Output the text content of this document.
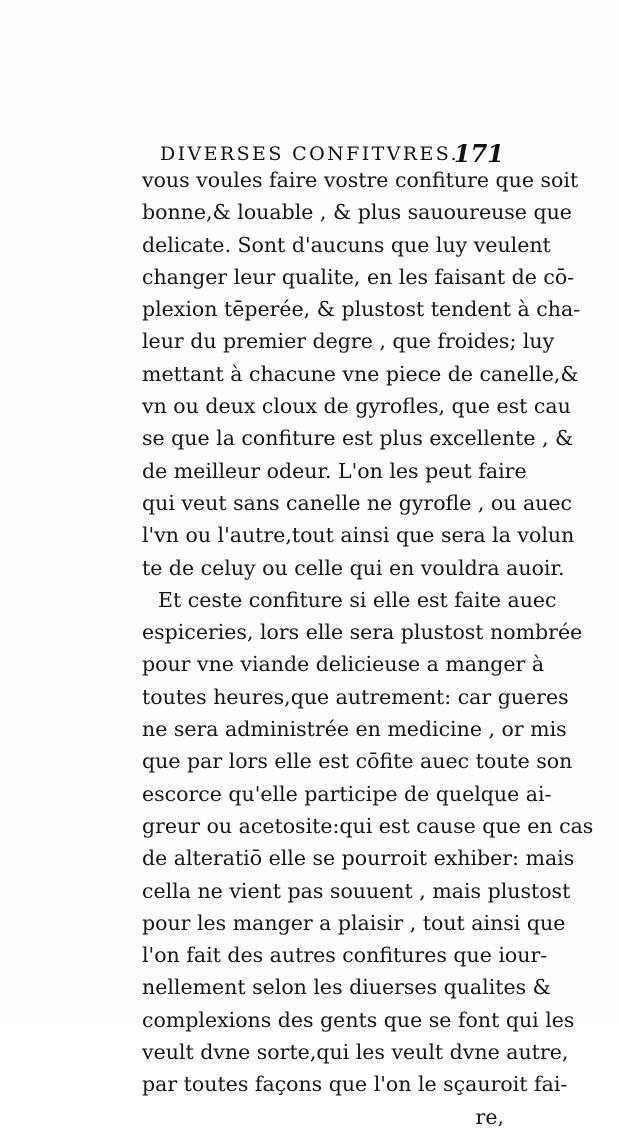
DIVERSES CONFITVRES.
171
vous voules faire vostre confiture que soit
bonne,& louable , & plus sauoureuse que
delicate. Sont d'aucuns que luy veulent
changer leur qualite, en les faisant de cō-
plexion tēperée, & plustost tendent à cha-
leur du premier degre , que froides; luy
mettant à chacune vne piece de canelle,&
vn ou deux cloux de gyrofles, que est cau
se que la confiture est plus excellente , &
de meilleur odeur. L'on les peut faire
qui veut sans canelle ne gyrofle , ou auec
l'vn ou l'autre,tout ainsi que sera la volun
te de celuy ou celle qui en vouldra auoir.
Et ceste confiture si elle est faite auec
espiceries, lors elle sera plustost nombrée
pour vne viande delicieuse a manger à
toutes heures,que autrement: car gueres
ne sera administrée en medicine , or mis
que par lors elle est cōfite auec toute son
escorce qu'elle participe de quelque ai-
greur ou acetosite:qui est cause que en cas
de alteratiō elle se pourroit exhiber: mais
cella ne vient pas souuent , mais plustost
pour les manger a plaisir , tout ainsi que
l'on fait des autres confitures que iour-
nellement selon les diuerses qualites &
complexions des gents que se font qui les
veult dvne sorte,qui les veult dvne autre,
par toutes façons que l'on le sçauroit fai-
re,
